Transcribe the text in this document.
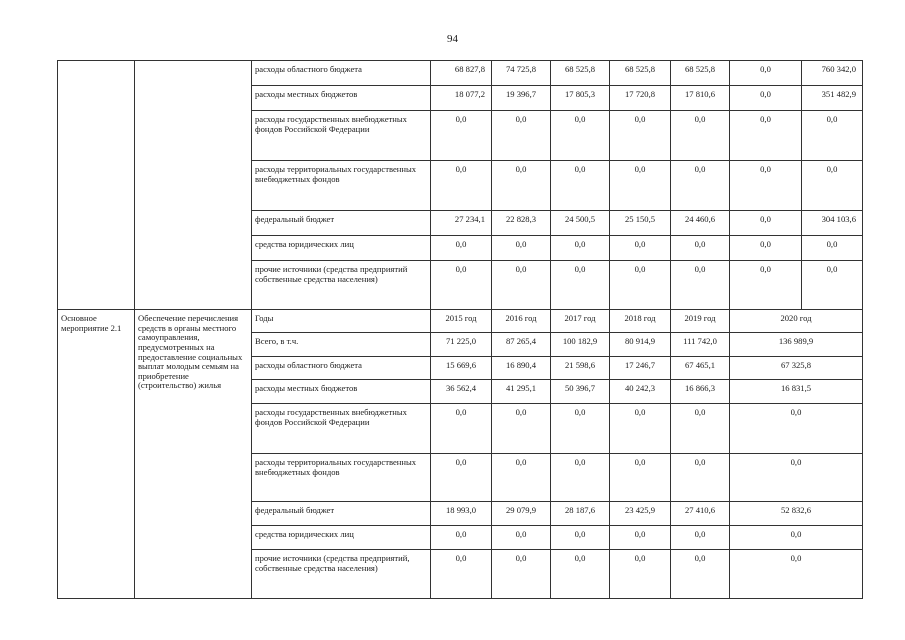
94
		расходы областного бюджета	68 827,8	74 725,8	68 525,8	68 525,8	68 525,8	0,0	760 342,0
		расходы местных бюджетов	18 077,2	19 396,7	17 805,3	17 720,8	17 810,6	0,0	351 482,9
		расходы государственных внебюджетных фондов Российской Федерации	0,0	0,0	0,0	0,0	0,0	0,0	0,0
		расходы территориальных государственных внебюджетных фондов	0,0	0,0	0,0	0,0	0,0	0,0	0,0
		федеральный бюджет	27 234,1	22 828,3	24 500,5	25 150,5	24 460,6	0,0	304 103,6
		средства юридических лиц	0,0	0,0	0,0	0,0	0,0	0,0	0,0
		прочие источники (средства предприятий собственные средства населения)	0,0	0,0	0,0	0,0	0,0	0,0	0,0
Основное мероприятие 2.1	Обеспечение перечисления средств в органы местного самоуправления, предусмотренных на предоставление социальных выплат молодым семьям на приобретение (строительство) жилья	Годы	2015 год	2016 год	2017 год	2018 год	2019 год	2020 год	
		Всего, в т.ч.	71 225,0	87 265,4	100 182,9	80 914,9	111 742,0	136 989,9	
		расходы областного бюджета	15 669,6	16 890,4	21 598,6	17 246,7	67 465,1	67 325,8	
		расходы местных бюджетов	36 562,4	41 295,1	50 396,7	40 242,3	16 866,3	16 831,5	
		расходы государственных внебюджетных фондов Российской Федерации	0,0	0,0	0,0	0,0	0,0	0,0	
		расходы территориальных государственных внебюджетных фондов	0,0	0,0	0,0	0,0	0,0	0,0	
		федеральный бюджет	18 993,0	29 079,9	28 187,6	23 425,9	27 410,6	52 832,6	
		средства юридических лиц	0,0	0,0	0,0	0,0	0,0	0,0	
		прочие источники (средства предприятий, собственные средства населения)	0,0	0,0	0,0	0,0	0,0	0,0	
